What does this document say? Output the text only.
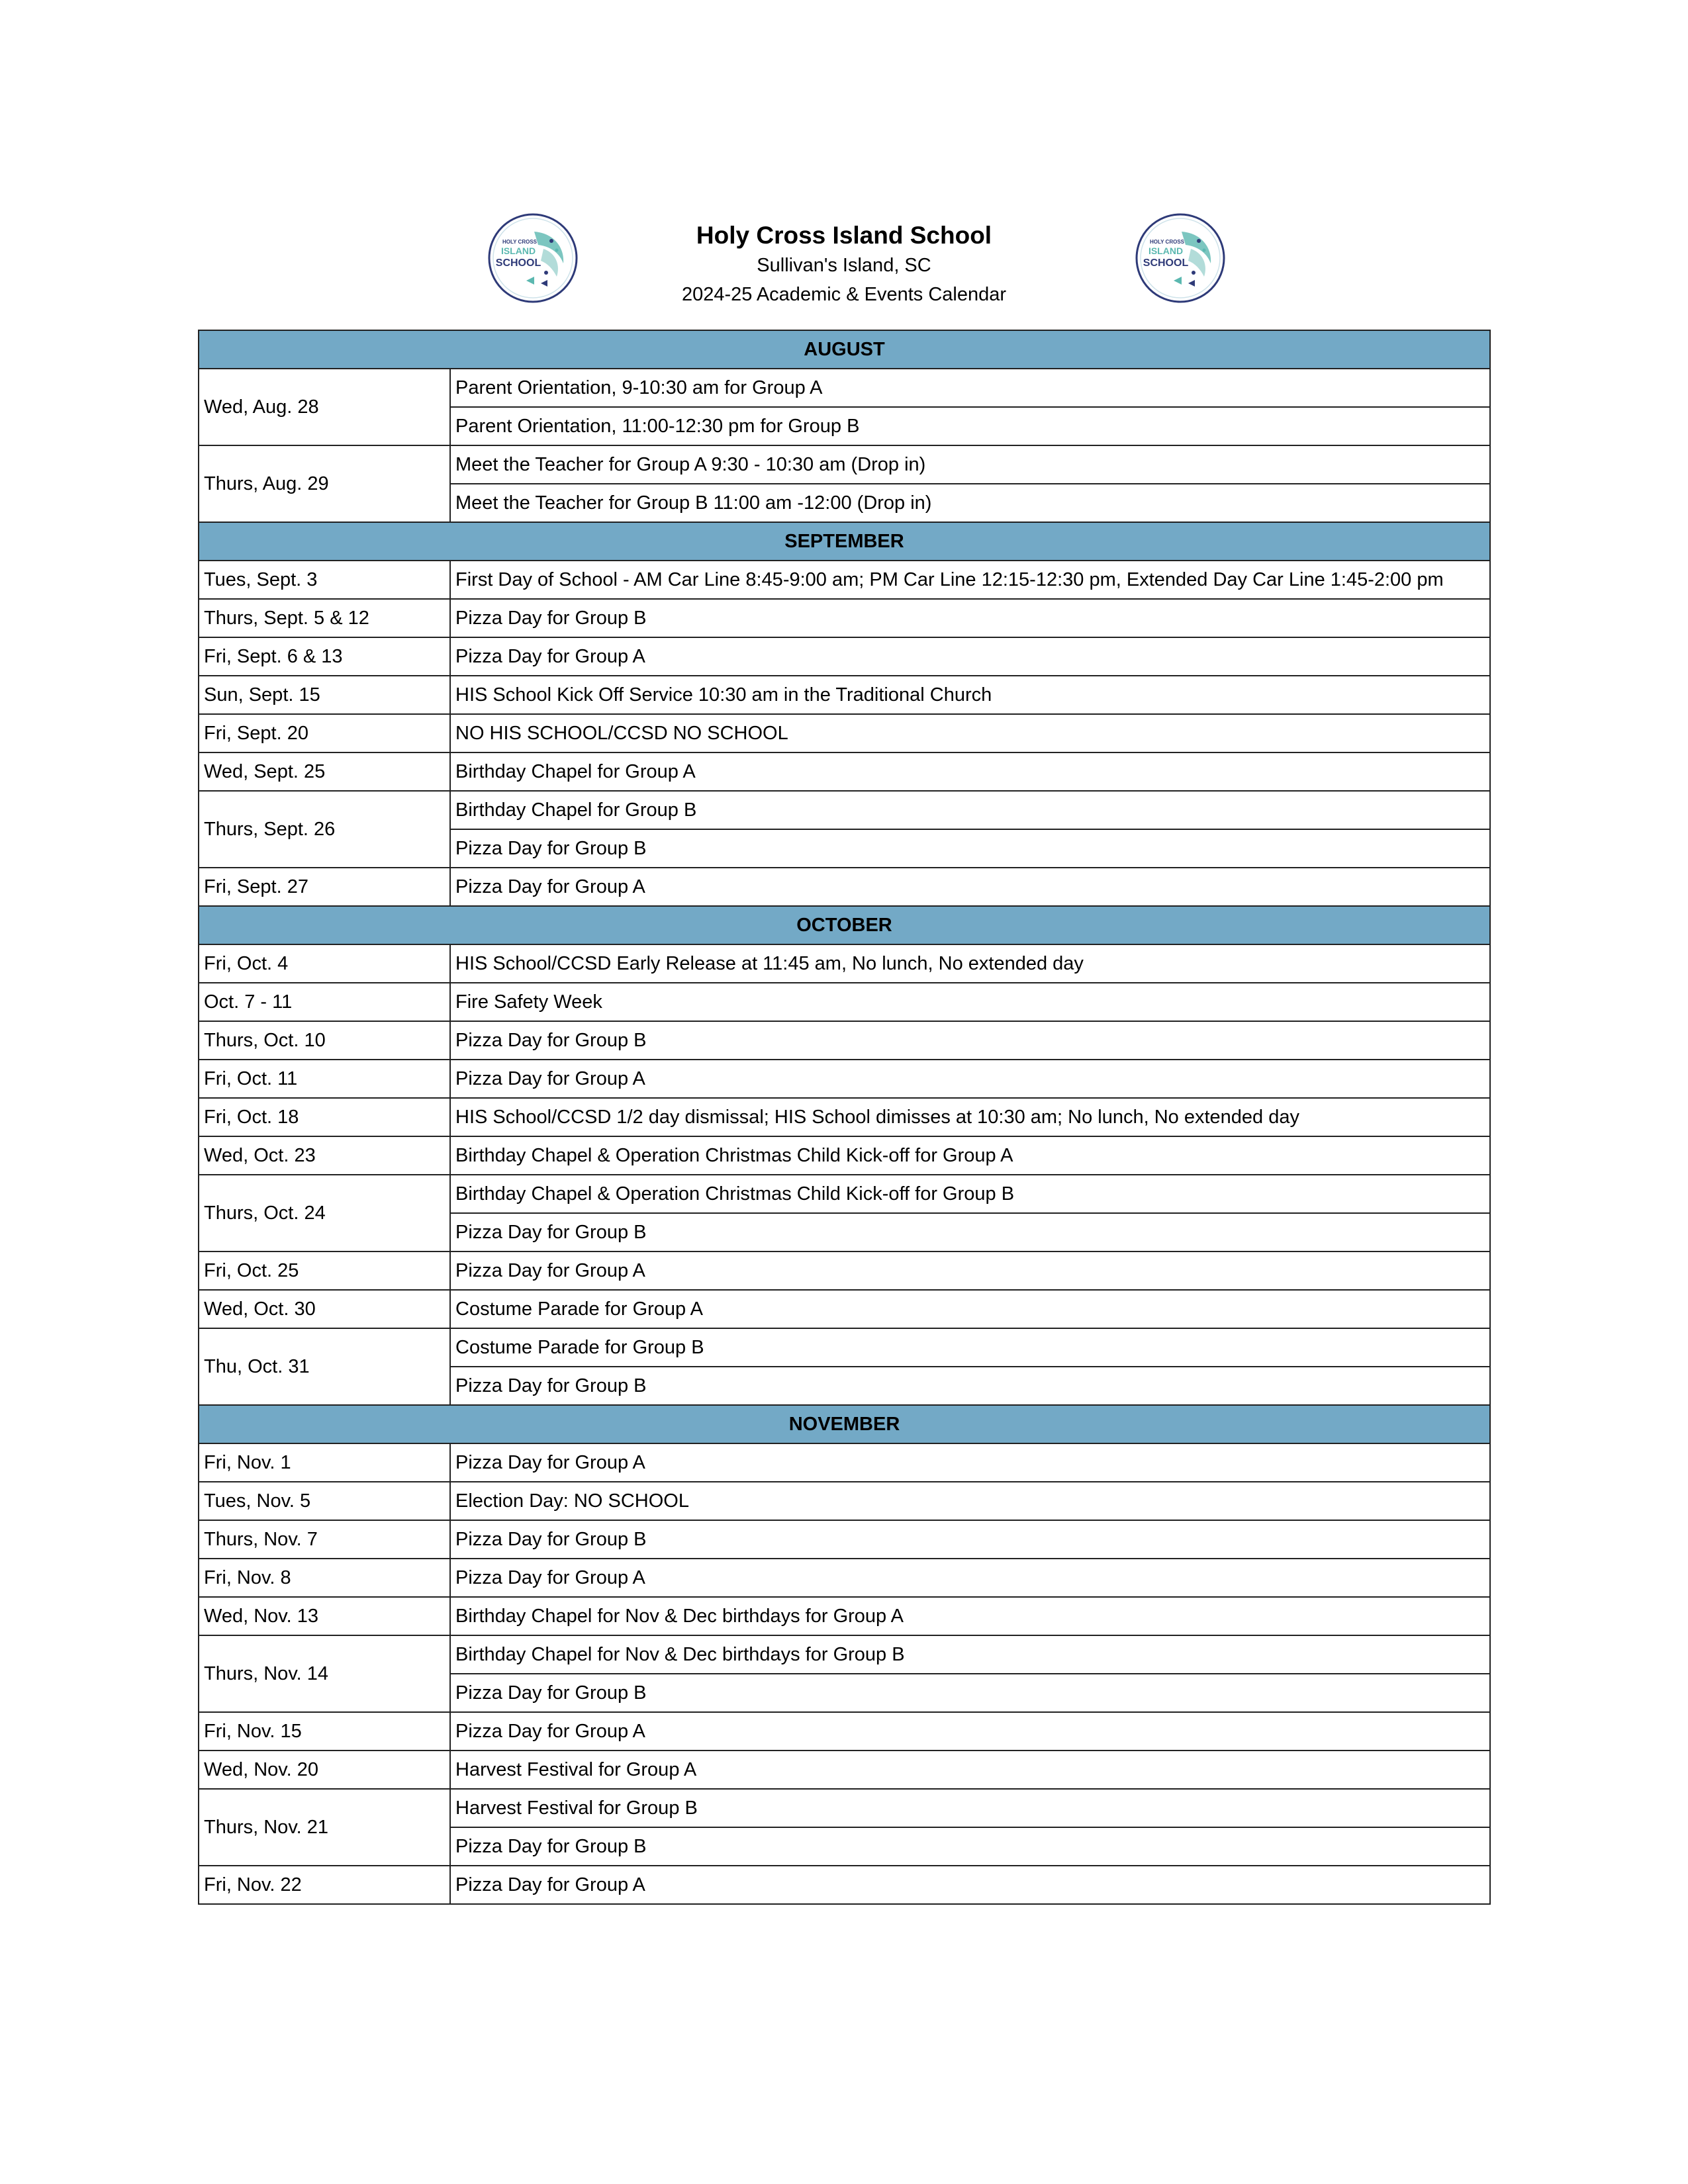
HOLY CROSS
ISLAND
SCHOOL
Holy Cross Island School
Sullivan's Island, SC
2024-25 Academic & Events Calendar
HOLY CROSS
ISLAND
SCHOOL
AUGUST	
Wed, Aug. 28	Parent Orientation, 9-10:30 am for Group A
	Parent Orientation, 11:00-12:30 pm for Group B
Thurs, Aug. 29	Meet the Teacher for Group A 9:30 - 10:30 am (Drop in)
	Meet the Teacher for Group B 11:00 am -12:00 (Drop in)
SEPTEMBER	
Tues, Sept. 3	First Day of School - AM Car Line 8:45-9:00 am; PM Car Line 12:15-12:30 pm, Extended Day Car Line 1:45-2:00 pm
Thurs, Sept. 5 & 12	Pizza Day for Group B
Fri, Sept. 6 & 13	Pizza Day for Group A
Sun, Sept. 15	HIS School Kick Off Service 10:30 am in the Traditional Church
Fri, Sept. 20	NO HIS SCHOOL/CCSD NO SCHOOL
Wed, Sept. 25	Birthday Chapel for Group A
Thurs, Sept. 26	Birthday Chapel for Group B
	Pizza Day for Group B
Fri, Sept. 27	Pizza Day for Group A
OCTOBER	
Fri, Oct. 4	HIS School/CCSD Early Release at 11:45 am, No lunch, No extended day
Oct. 7 - 11	Fire Safety Week
Thurs, Oct. 10	Pizza Day for Group B
Fri, Oct. 11	Pizza Day for Group A
Fri, Oct. 18	HIS School/CCSD 1/2 day dismissal; HIS School dimisses at 10:30 am; No lunch, No extended day
Wed, Oct. 23	Birthday Chapel & Operation Christmas Child Kick-off for Group A
Thurs, Oct. 24	Birthday Chapel & Operation Christmas Child Kick-off for Group B
	Pizza Day for Group B
Fri, Oct. 25	Pizza Day for Group A
Wed, Oct. 30	Costume Parade for Group A
Thu, Oct. 31	Costume Parade for Group B
	Pizza Day for Group B
NOVEMBER	
Fri, Nov. 1	Pizza Day for Group A
Tues, Nov. 5	Election Day: NO SCHOOL
Thurs, Nov. 7	Pizza Day for Group B
Fri, Nov. 8	Pizza Day for Group A
Wed, Nov. 13	Birthday Chapel for Nov & Dec birthdays for Group A
Thurs, Nov. 14	Birthday Chapel for Nov & Dec birthdays for Group B
	Pizza Day for Group B
Fri, Nov. 15	Pizza Day for Group A
Wed, Nov. 20	Harvest Festival for Group A
Thurs, Nov. 21	Harvest Festival for Group B
	Pizza Day for Group B
Fri, Nov. 22	Pizza Day for Group A
